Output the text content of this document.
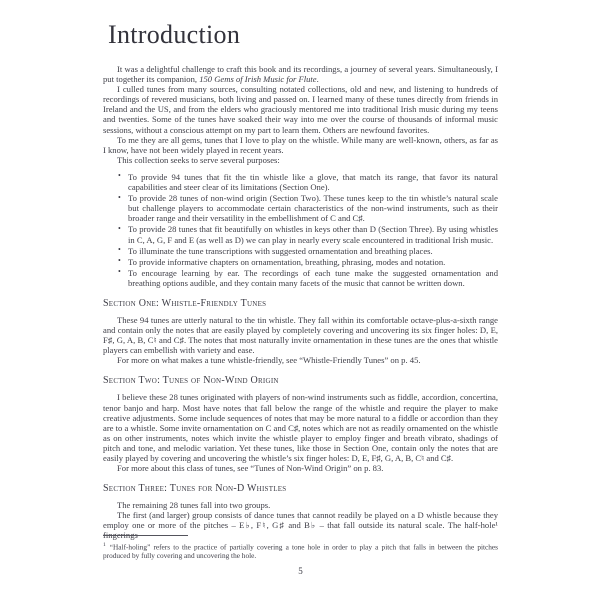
Introduction

It was a delightful challenge to craft this book and its recordings, a journey of several years. Simultaneously, I put together its companion, 150 Gems of Irish Music for Flute.

I culled tunes from many sources, consulting notated collections, old and new, and listening to hundreds of recordings of revered musicians, both living and passed on. I learned many of these tunes directly from friends in Ireland and the US, and from the elders who graciously mentored me into traditional Irish music during my teens and twenties. Some of the tunes have soaked their way into me over the course of thousands of informal music sessions, without a conscious attempt on my part to learn them. Others are newfound favorites.

To me they are all gems, tunes that I love to play on the whistle. While many are well-known, others, as far as I know, have not been widely played in recent years.

This collection seeks to serve several purposes:

• To provide 94 tunes that fit the tin whistle like a glove, that match its range, that favor its natural capabilities and steer clear of its limitations (Section One).
• To provide 28 tunes of non-wind origin (Section Two). These tunes keep to the tin whistle’s natural scale but challenge players to accommodate certain characteristics of the non-wind instruments, such as their broader range and their versatility in the embellishment of C and C♯.
• To provide 28 tunes that fit beautifully on whistles in keys other than D (Section Three). By using whistles in C, A, G, F and E (as well as D) we can play in nearly every scale encountered in traditional Irish music.
• To illuminate the tune transcriptions with suggested ornamentation and breathing places.
• To provide informative chapters on ornamentation, breathing, phrasing, modes and notation.
• To encourage learning by ear. The recordings of each tune make the suggested ornamentation and breathing options audible, and they contain many facets of the music that cannot be written down.
Section One: Whistle-Friendly Tunes

These 94 tunes are utterly natural to the tin whistle. They fall within its comfortable octave-plus-a-sixth range and contain only the notes that are easily played by completely covering and uncovering its six finger holes: D, E, F♯, G, A, B, C♮ and C♯. The notes that most naturally invite ornamentation in these tunes are the ones that whistle players can embellish with variety and ease.

For more on what makes a tune whistle-friendly, see “Whistle-Friendly Tunes” on p. 45.

Section Two: Tunes of Non-Wind Origin

I believe these 28 tunes originated with players of non-wind instruments such as fiddle, accordion, concertina, tenor banjo and harp. Most have notes that fall below the range of the whistle and require the player to make creative adjustments. Some include sequences of notes that may be more natural to a fiddle or accordion than they are to a whistle. Some invite ornamentation on C and C♯, notes which are not as readily ornamented on the whistle as on other instruments, notes which invite the whistle player to employ finger and breath vibrato, shadings of pitch and tone, and melodic variation. Yet these tunes, like those in Section One, contain only the notes that are easily played by covering and uncovering the whistle’s six finger holes: D, E, F♯, G, A, B, C♮ and C♯.

For more about this class of tunes, see “Tunes of Non-Wind Origin” on p. 83.

Section Three: Tunes for Non-D Whistles

The remaining 28 tunes fall into two groups.

The first (and larger) group consists of dance tunes that cannot readily be played on a D whistle because they employ one or more of the pitches – E♭, F♮, G♯ and B♭ – that fall outside its natural scale. The half-hole¹ fingerings

$^1$ “Half-holing” refers to the practice of partially covering a tone hole in order to play a pitch that falls in between the pitches produced by fully covering and uncovering the hole.
5
